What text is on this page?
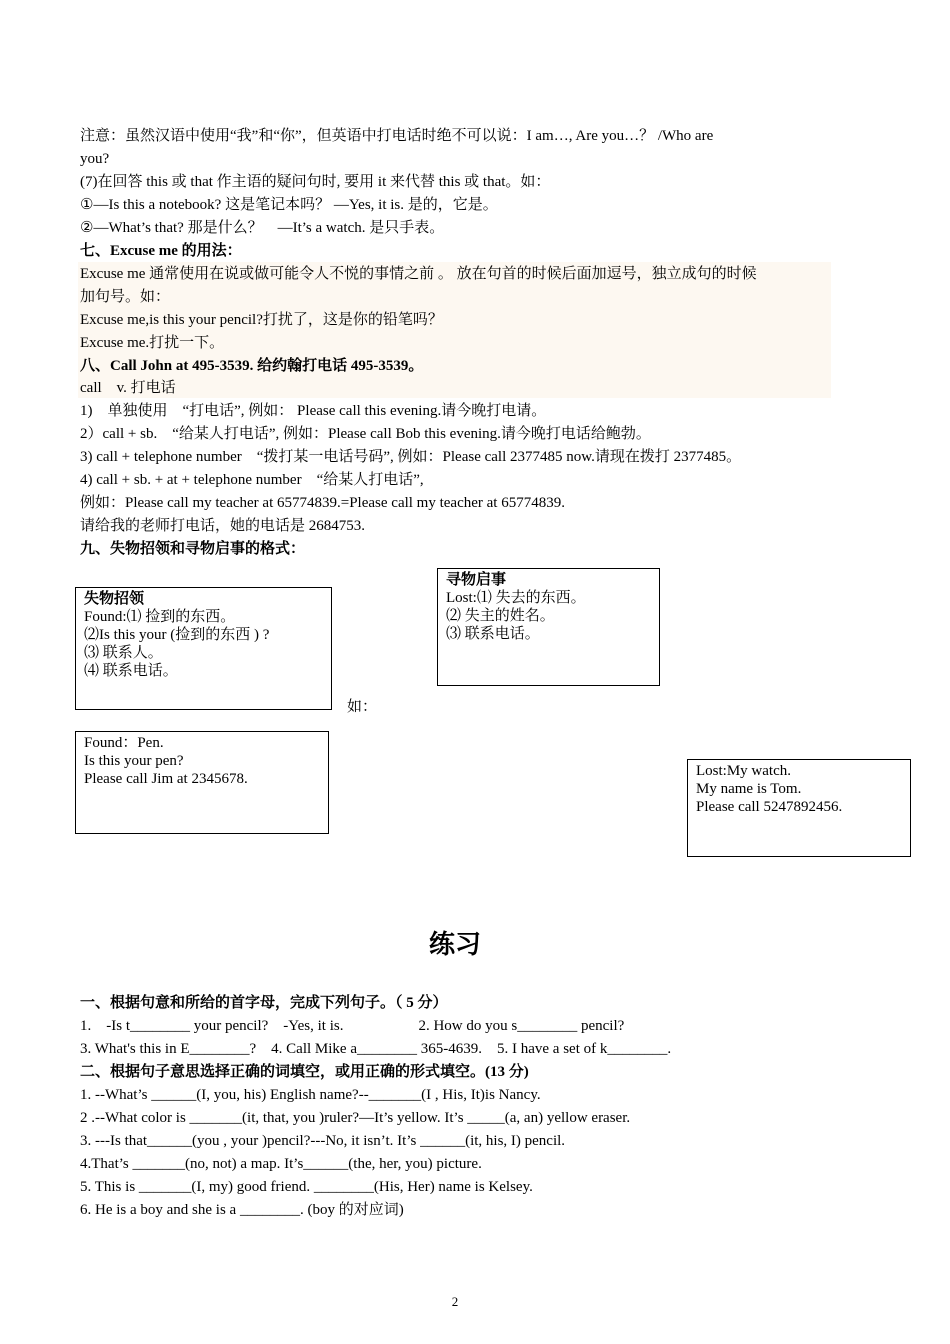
注意：虽然汉语中使用“我”和“你”，但英语中打电话时绝不可以说：I am…, Are you…？ /Who are
you?
(7)在回答 this 或 that 作主语的疑问句时, 要用 it 来代替 this 或 that。如：
①—Is this a notebook? 这是笔记本吗？ —Yes, it is. 是的，它是。
②—What’s that? 那是什么？　—It’s a watch. 是只手表。
七、Excuse me 的用法：
Excuse me 通常使用在说或做可能令人不悦的事情之前 。 放在句首的时候后面加逗号，独立成句的时候
加句号。如：
Excuse me,is this your pencil?打扰了，这是你的铅笔吗？
Excuse me.打扰一下。
八、Call John at 495-3539. 给约翰打电话 495-3539。
call　v. 打电话
1)　单独使用　“打电话”, 例如： Please call this evening.请今晚打电请。
2）call + sb.　“给某人打电话”, 例如：Please call Bob this evening.请今晚打电话给鲍勃。
3) call + telephone number　“拨打某一电话号码”, 例如：Please call 2377485 now.请现在拨打 2377485。
4) call + sb. + at + telephone number　“给某人打电话”,
例如：Please call my teacher at 65774839.=Please call my teacher at 65774839.
请给我的老师打电话，她的电话是 2684753.
九、失物招领和寻物启事的格式：
失物招领
Found:⑴ 捡到的东西。
⑵Is this your (捡到的东西 ) ?
⑶ 联系人。
⑷ 联系电话。
寻物启事
Lost:⑴ 失去的东西。
⑵ 失主的姓名。
⑶ 联系电话。
如：
Found：Pen.
Is this your pen?
Please call Jim at 2345678.	Lost:My watch.
My name is Tom.
Please call 5247892456.
练习
一、根据句意和所给的首字母，完成下列句子。（ 5 分）
1.　-Is t________ your pencil?　-Yes, it is.　　　　　2. How do you s________ pencil?
3. What's this in E________?　4. Call Mike a________ 365-4639.　5. I have a set of k________.
二、根据句子意思选择正确的词填空，或用正确的形式填空。(13 分)
1. --What’s ______(I, you, his) English name?--_______(I , His, It)is Nancy.
2 .--What color is _______(it, that, you )ruler?—It’s yellow. It’s _____(a, an) yellow eraser.
3. ---Is that______(you , your )pencil?---No, it isn’t. It’s ______(it, his, I) pencil.
4.That’s _______(no, not) a map. It’s______(the, her, you) picture.
5. This is _______(I, my) good friend. ________(His, Her) name is Kelsey.
6. He is a boy and she is a ________. (boy 的对应词)
2
